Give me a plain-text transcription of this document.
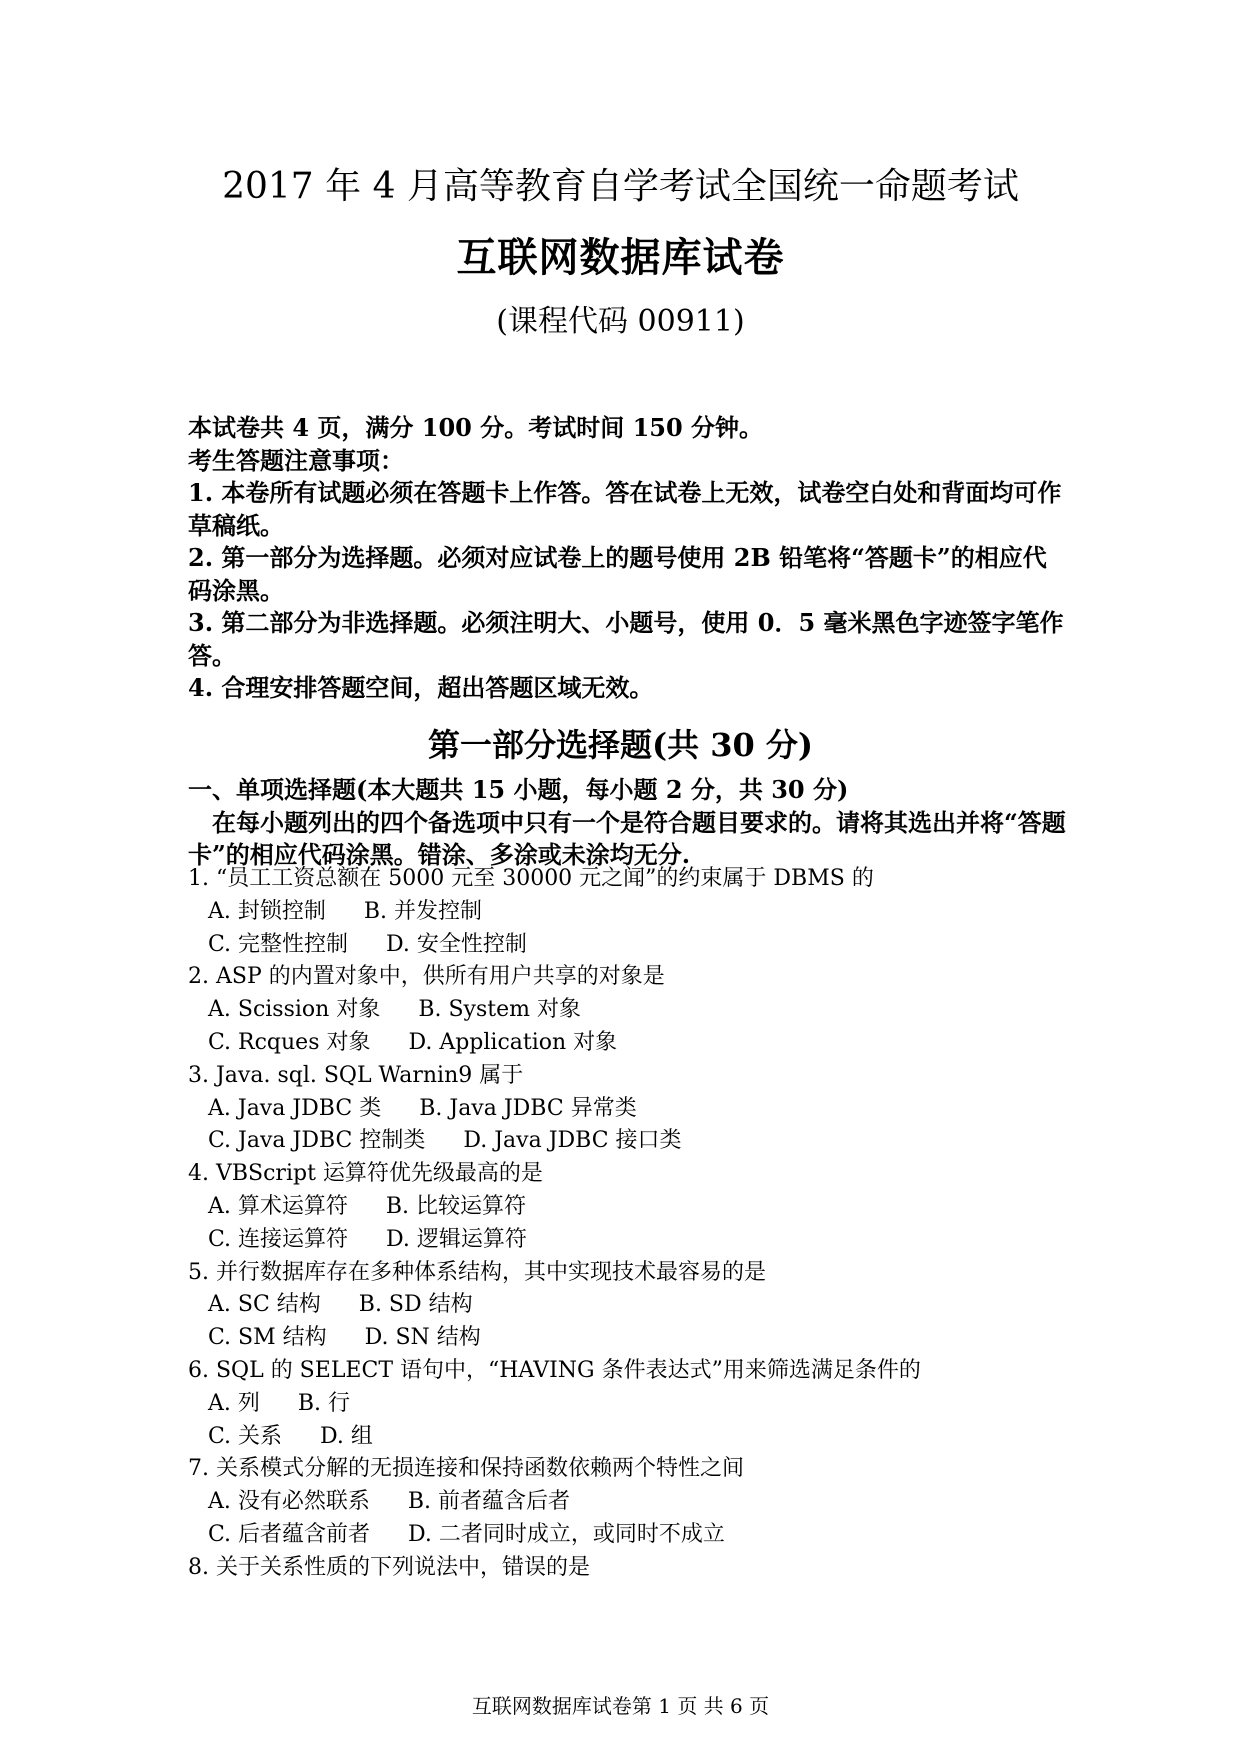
2017 年 4 月高等教育自学考试全国统一命题考试
互联网数据库试卷
(课程代码 00911)

本试卷共 4 页，满分 100 分。考试时间 150 分钟。

考生答题注意事项：

1. 本卷所有试题必须在答题卡上作答。答在试卷上无效，试卷空白处和背面均可作草稿纸。

2. 第一部分为选择题。必须对应试卷上的题号使用 2B 铅笔将“答题卡”的相应代码涂黑。

3. 第二部分为非选择题。必须注明大、小题号，使用 0．5 毫米黑色字迹签字笔作答。

4. 合理安排答题空间，超出答题区域无效。

第一部分选择题(共 30 分)

一、单项选择题(本大题共 15 小题，每小题 2 分，共 30 分)

在每小题列出的四个备选项中只有一个是符合题目要求的。请将其选出并将“答题卡”的相应代码涂黑。错涂、多涂或未涂均无分.

1. “员工工资总额在 5000 元至 30000 元之闻”的约束属于 DBMS 的

A. 封锁控制 B. 并发控制

C. 完整性控制 D. 安全性控制

2. ASP 的内置对象中，供所有用户共享的对象是

A. Scission 对象 B. System 对象

C. Rcques 对象 D. Application 对象

3. Java. sql. SQL Warnin9 属于

A. Java JDBC 类 B. Java JDBC 异常类

C. Java JDBC 控制类 D. Java JDBC 接口类

4. VBScript 运算符优先级最高的是

A. 算术运算符 B. 比较运算符

C. 连接运算符 D. 逻辑运算符

5. 并行数据库存在多种体系结构，其中实现技术最容易的是

A. SC 结构 B. SD 结构

C. SM 结构 D. SN 结构

6. SQL 的 SELECT 语句中，“HAVING 条件表达式”用来筛选满足条件的

A. 列 B. 行

C. 关系 D. 组

7. 关系模式分解的无损连接和保持函数依赖两个特性之间

A. 没有必然联系 B. 前者蕴含后者

C. 后者蕴含前者 D. 二者同时成立，或同时不成立

8. 关于关系性质的下列说法中，错误的是

互联网数据库试卷第 1 页 共 6 页
